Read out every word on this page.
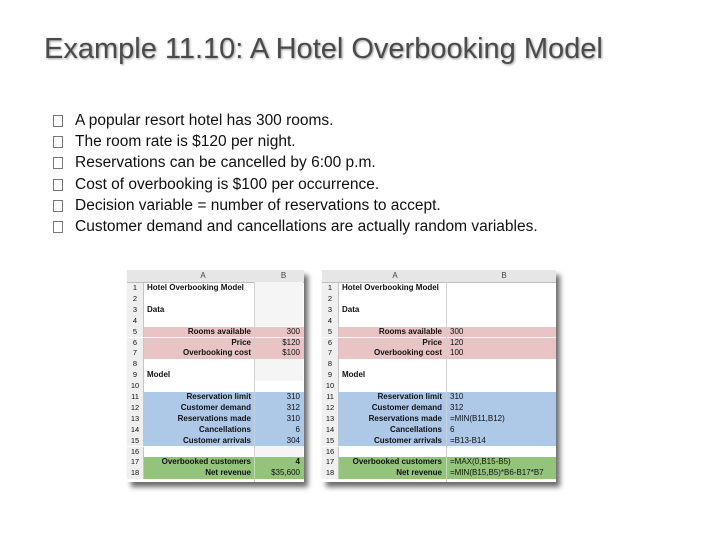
Example 11.10: A Hotel Overbooking Model
A popular resort hotel has 300 rooms.
The room rate is $120 per night.
Reservations can be cancelled by 6:00 p.m.
Cost of overbooking is $100 per occurrence.
Decision variable = number of reservations to accept.
Customer demand and cancellations are actually random variables.
A	B
1	Hotel Overbooking Model
2
3	Data
4
5	Rooms available	300
6	Price	$120
7	Overbooking cost	$100
8
9	Model
10
11	Reservation limit	310
12	Customer demand	312
13	Reservations made	310
14	Cancellations	6
15	Customer arrivals	304
16
17	Overbooked customers	4
18	Net revenue	$35,600
A	B
1	Hotel Overbooking Model
2
3	Data
4
5	Rooms available	300
6	Price	120
7	Overbooking cost	100
8
9	Model
10
11	Reservation limit	310
12	Customer demand	312
13	Reservations made	=MIN(B11,B12)
14	Cancellations	6
15	Customer arrivals	=B13-B14
16
17	Overbooked customers	=MAX(0,B15-B5)
18	Net revenue	=MIN(B15,B5)*B6-B17*B7
